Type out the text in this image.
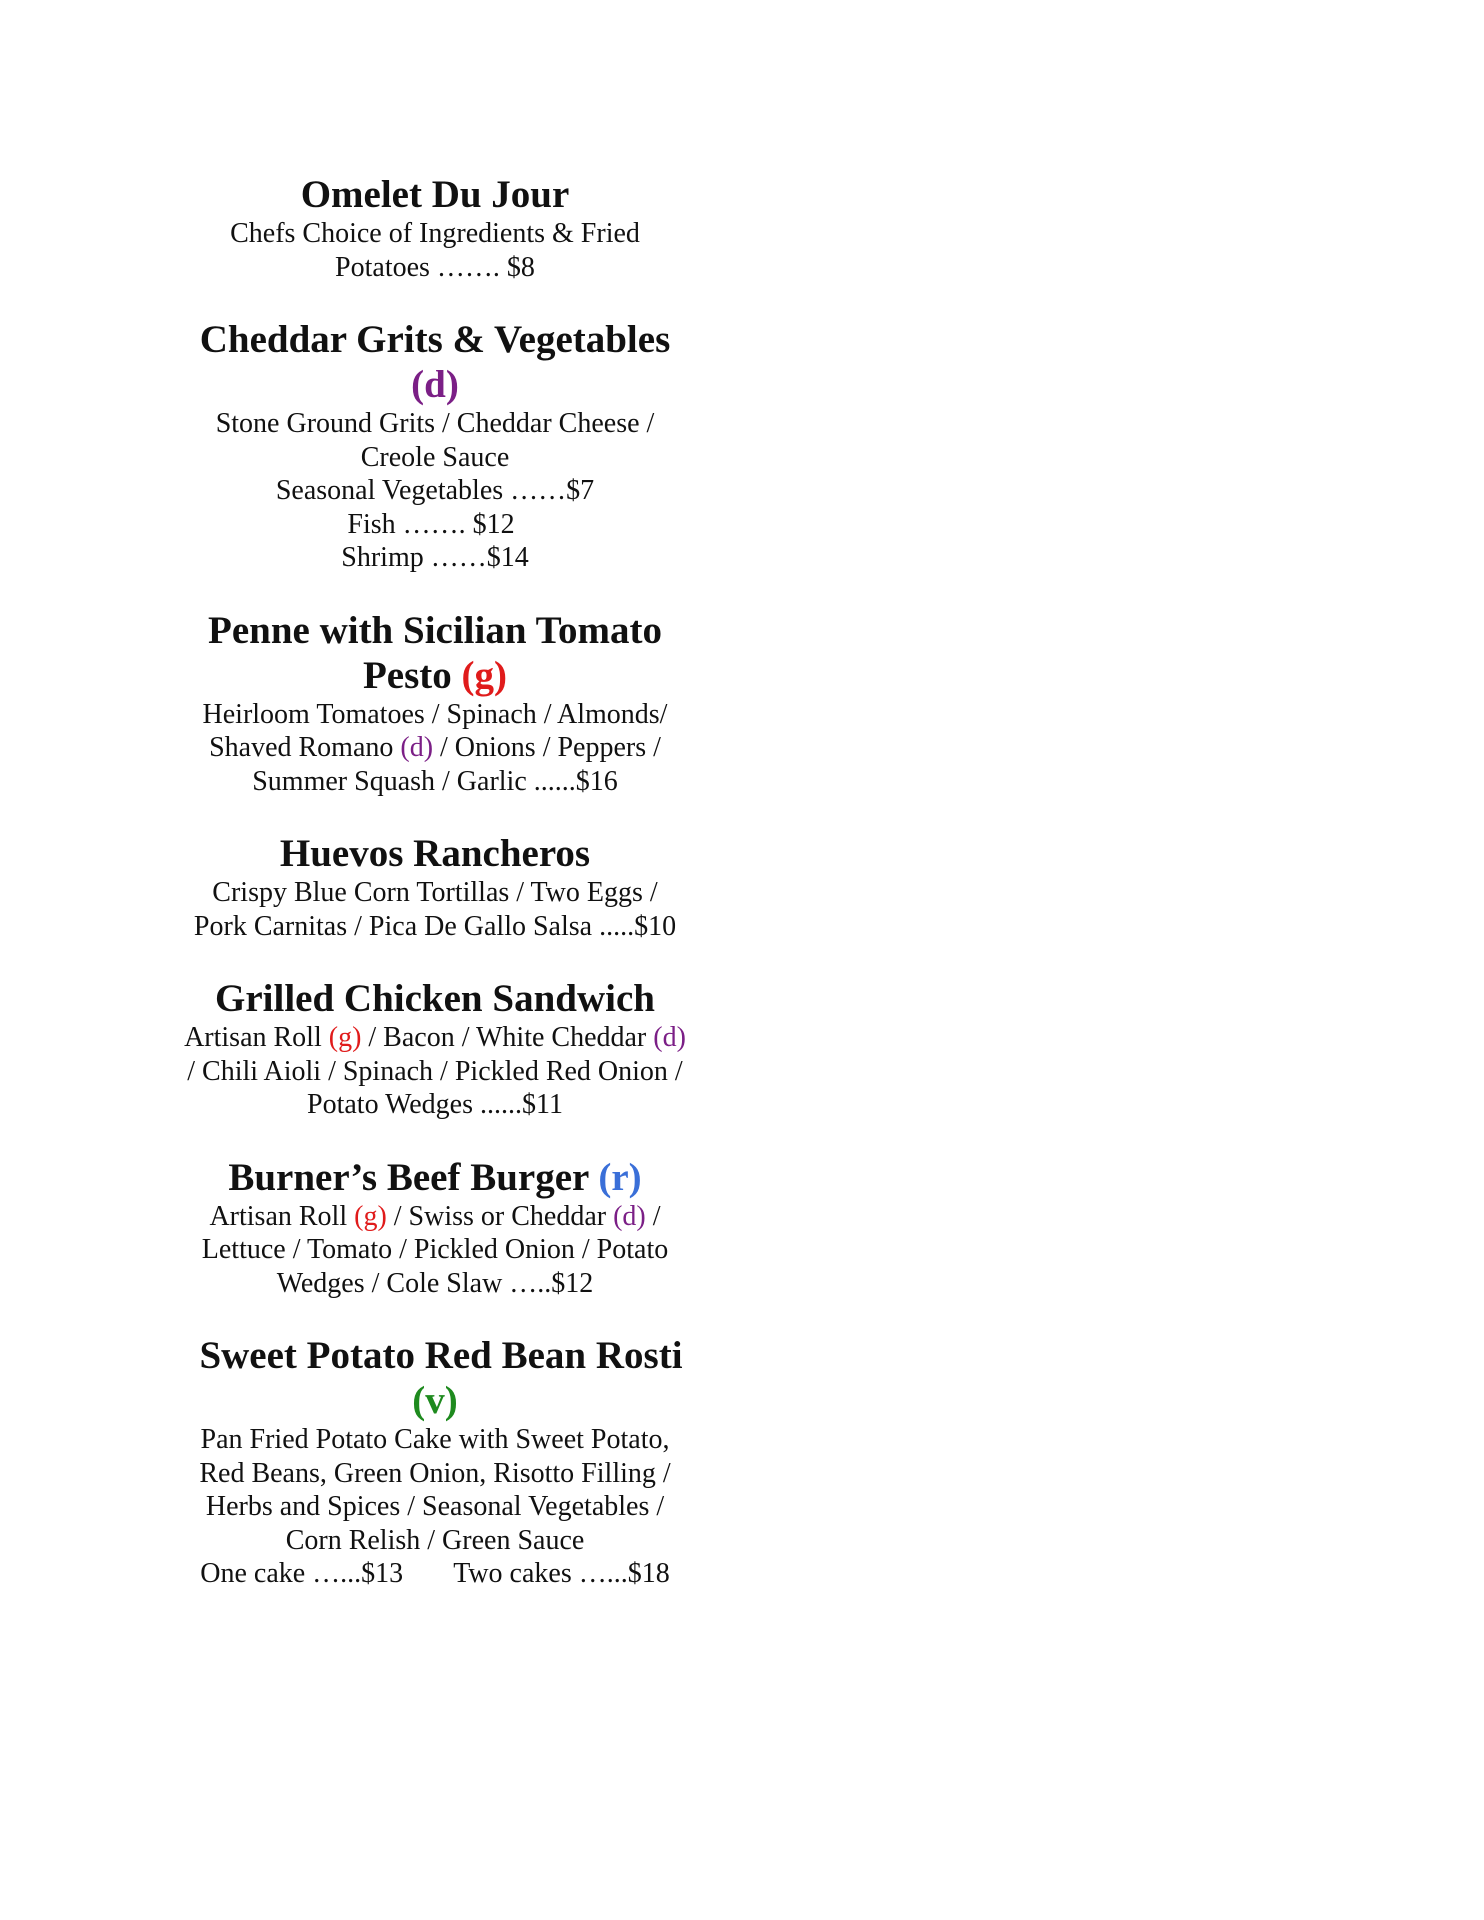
Omelet Du Jour

Chefs Choice of Ingredients & Fried

Potatoes ……. $8

Cheddar Grits & Vegetables

(d)

Stone Ground Grits / Cheddar Cheese /

Creole Sauce

Seasonal Vegetables ……$7

Fish ……. $12

Shrimp ……$14

Penne with Sicilian Tomato

Pesto (g)

Heirloom Tomatoes / Spinach / Almonds/

Shaved Romano (d) / Onions / Peppers /

Summer Squash / Garlic ......$16

Huevos Rancheros

Crispy Blue Corn Tortillas / Two Eggs /

Pork Carnitas / Pica De Gallo Salsa .....$10

Grilled Chicken Sandwich

Artisan Roll (g) / Bacon / White Cheddar (d)

/ Chili Aioli / Spinach / Pickled Red Onion /

Potato Wedges ......$11

Burner’s Beef Burger (r)

Artisan Roll (g) / Swiss or Cheddar (d) /

Lettuce / Tomato / Pickled Onion / Potato

Wedges / Cole Slaw …..$12

Sweet Potato Red Bean Rosti

(v)

Pan Fried Potato Cake with Sweet Potato,

Red Beans, Green Onion, Risotto Filling /

Herbs and Spices / Seasonal Vegetables /

Corn Relish / Green Sauce

One cake …...$13 Two cakes …...$18
